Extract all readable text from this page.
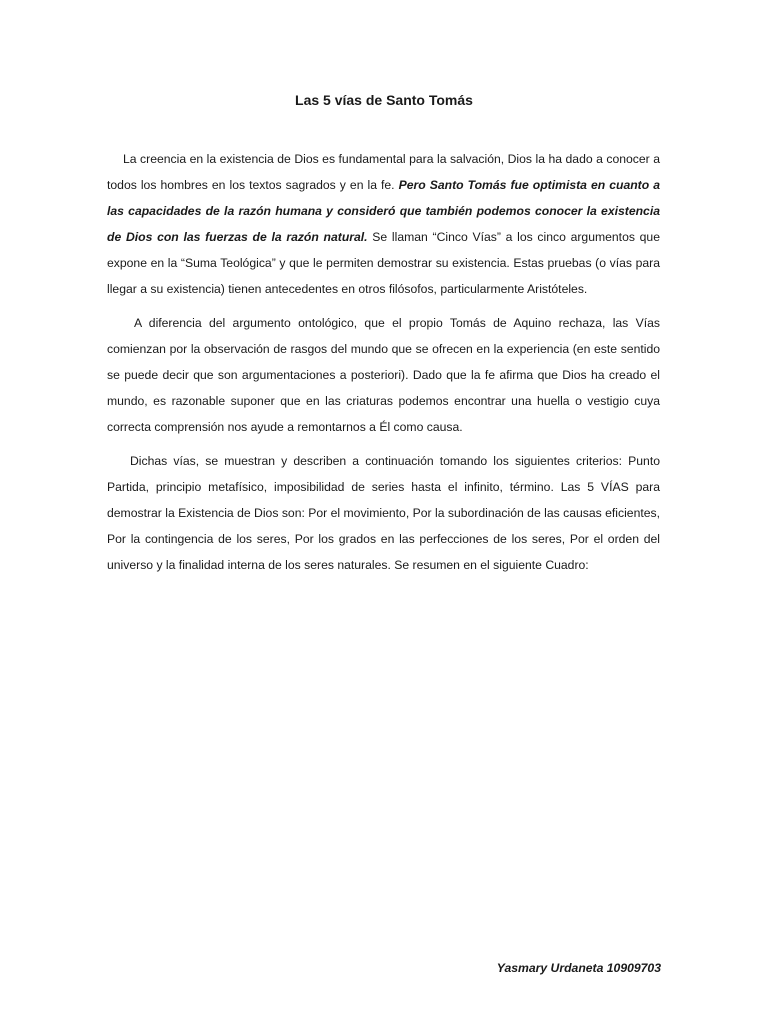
Las 5 vías de Santo Tomás

La creencia en la existencia de Dios es fundamental para la salvación, Dios la ha dado a conocer a todos los hombres en los textos sagrados y en la fe. Pero Santo Tomás fue optimista en cuanto a las capacidades de la razón humana y consideró que también podemos conocer la existencia de Dios con las fuerzas de la razón natural. Se llaman “Cinco Vías” a los cinco argumentos que expone en la “Suma Teológica” y que le permiten demostrar su existencia. Estas pruebas (o vías para llegar a su existencia) tienen antecedentes en otros filósofos, particularmente Aristóteles.

A diferencia del argumento ontológico, que el propio Tomás de Aquino rechaza, las Vías comienzan por la observación de rasgos del mundo que se ofrecen en la experiencia (en este sentido se puede decir que son argumentaciones a posteriori). Dado que la fe afirma que Dios ha creado el mundo, es razonable suponer que en las criaturas podemos encontrar una huella o vestigio cuya correcta comprensión nos ayude a remontarnos a Él como causa.

Dichas vías, se muestran y describen a continuación tomando los siguientes criterios: Punto Partida, principio metafísico, imposibilidad de series hasta el infinito, término. Las 5 VÍAS para demostrar la Existencia de Dios son: Por el movimiento, Por la subordinación de las causas eficientes, Por la contingencia de los seres, Por los grados en las perfecciones de los seres, Por el orden del universo y la finalidad interna de los seres naturales. Se resumen en el siguiente Cuadro:

Yasmary Urdaneta 10909703
